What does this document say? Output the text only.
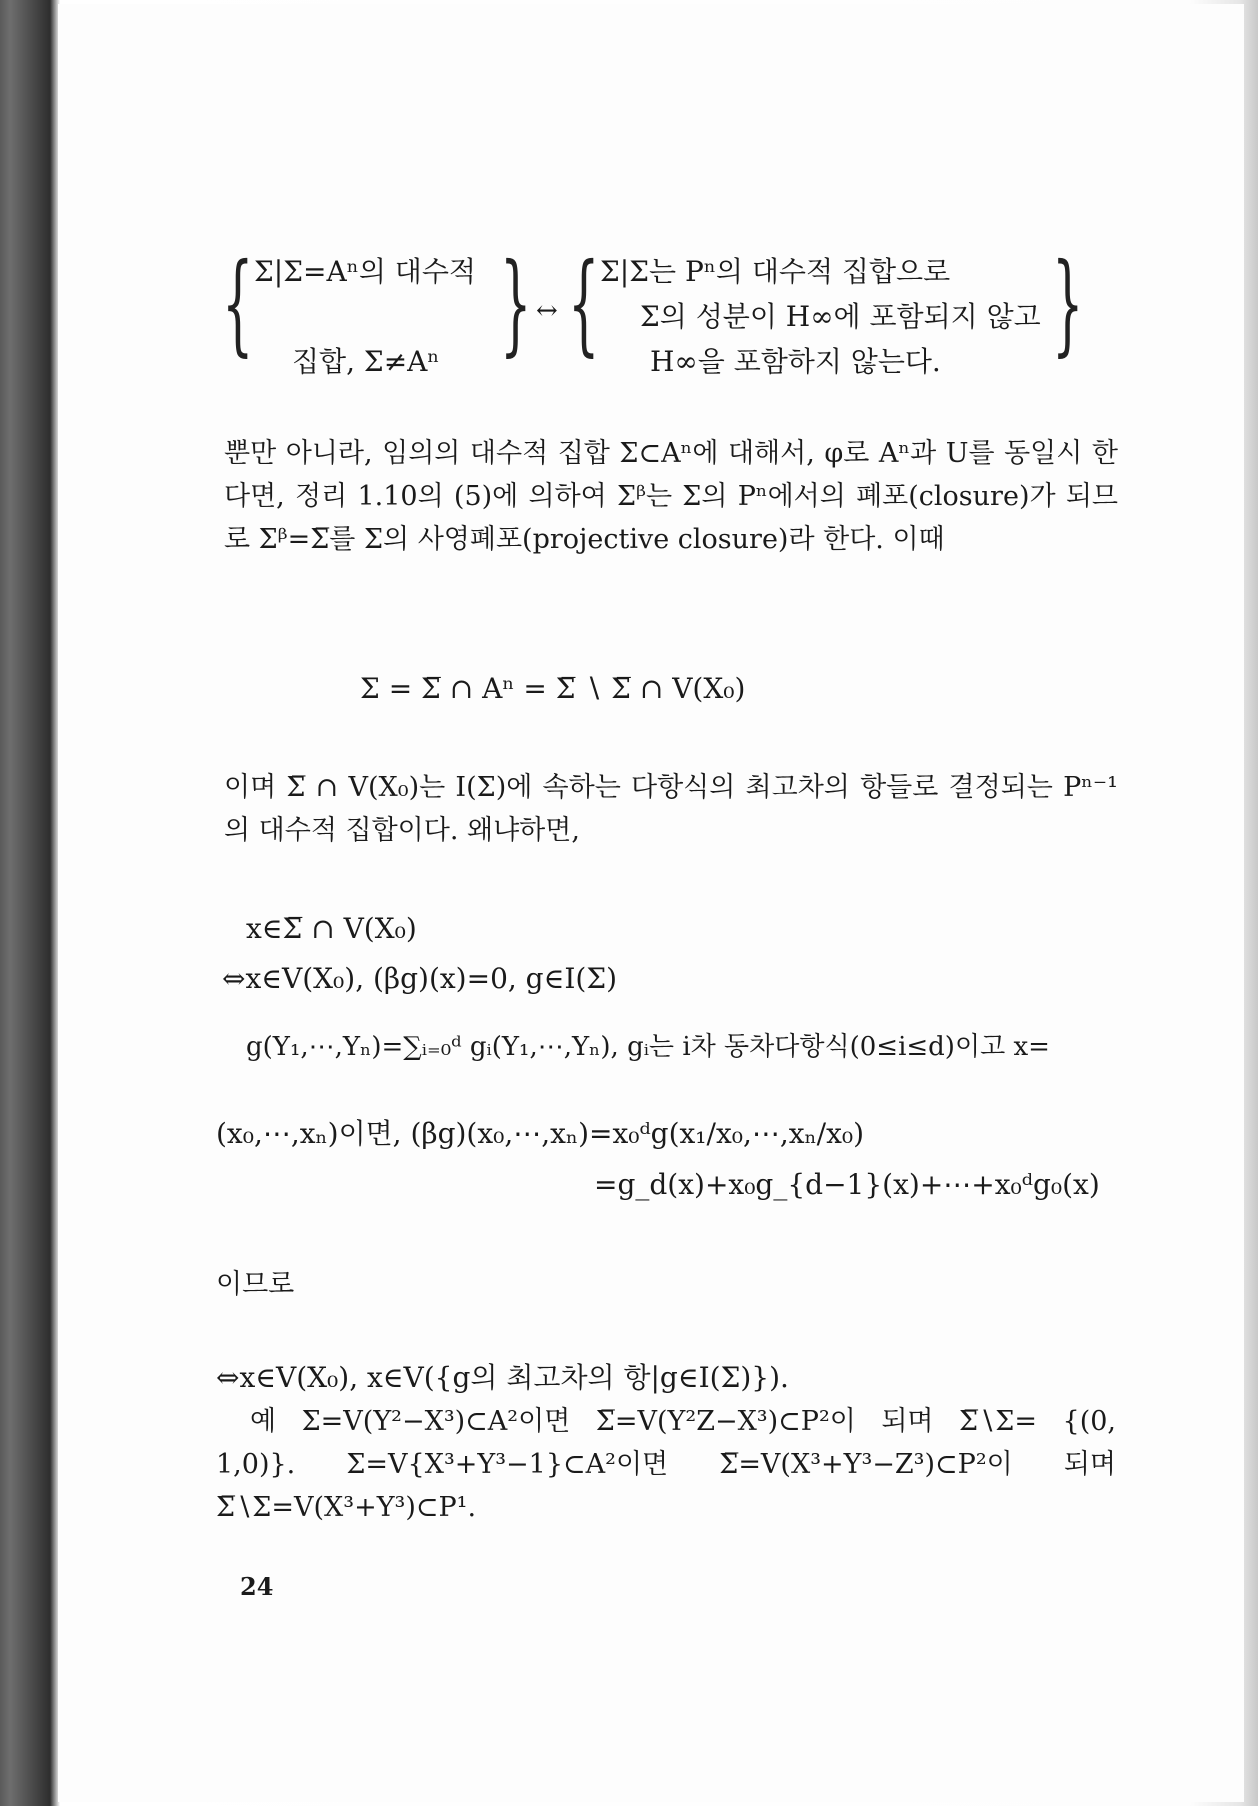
{ Σ|Σ=Aⁿ의 대수적
집합, Σ≠Aⁿ } ↔ { Σ|Σ는 Pⁿ의 대수적 집합으로
Σ의 성분이 H∞에 포함되지 않고
H∞을 포함하지 않는다. }
뿐만 아니라, 임의의 대수적 집합 Σ⊂Aⁿ에 대해서, φ로 Aⁿ과 U를 동일시 한다면, 정리 1.10의 (5)에 의하여 Σᵝ는 Σ의 Pⁿ에서의 폐포(closure)가 되므로 Σᵝ=Σ̅를 Σ의 사영폐포(projective closure)라 한다. 이때
Σ = Σ̅ ∩ Aⁿ = Σ̅ ∖ Σ̅ ∩ V(X₀)
이며 Σ̅ ∩ V(X₀)는 I(Σ)에 속하는 다항식의 최고차의 항들로 결정되는 Pⁿ⁻¹의 대수적 집합이다. 왜냐하면,
x∈Σ̅ ∩ V(X₀)
⇔x∈V(X₀), (βg)(x)=0, g∈I(Σ)
g(Y₁,⋯,Yₙ)=∑ᵢ₌₀ᵈ gᵢ(Y₁,⋯,Yₙ), gᵢ는 i차 동차다항식(0≤i≤d)이고 x=
(x₀,⋯,xₙ)이면, (βg)(x₀,⋯,xₙ)=x₀ᵈg(x₁/x₀,⋯,xₙ/x₀)
=g_d(x)+x₀g_{d−1}(x)+⋯+x₀ᵈg₀(x)
이므로
⇔x∈V(X₀), x∈V({g의 최고차의 항|g∈I(Σ)}).
예 Σ=V(Y²−X³)⊂A²이면 Σ̅=V(Y²Z−X³)⊂P²이 되며 Σ̅∖Σ= {(0, 1,0)}. Σ=V{X³+Y³−1}⊂A²이면 Σ̅=V(X³+Y³−Z³)⊂P²이 되며 Σ̅∖Σ=V(X³+Y³)⊂P¹.
24
